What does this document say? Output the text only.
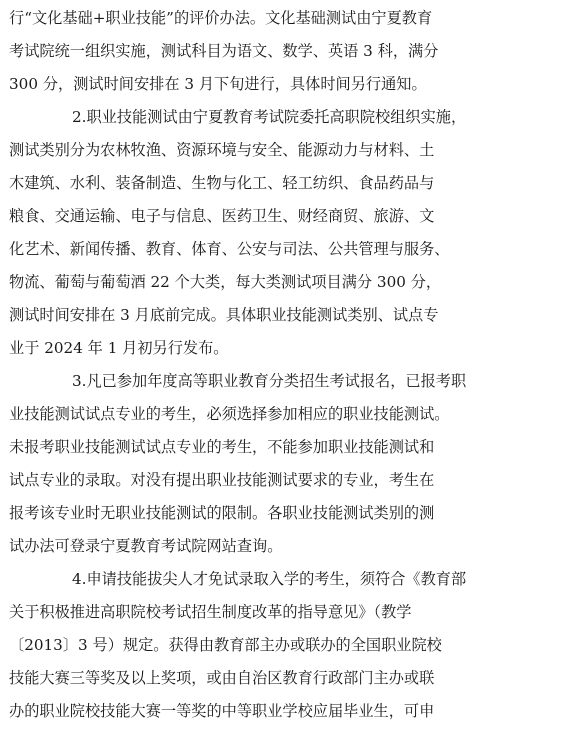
行“文化基础+职业技能”的评价办法。文化基础测试由宁夏教育
考试院统一组织实施，测试科目为语文、数学、英语 3 科，满分
300 分，测试时间安排在 3 月下旬进行，具体时间另行通知。
2.职业技能测试由宁夏教育考试院委托高职院校组织实施，
测试类别分为农林牧渔、资源环境与安全、能源动力与材料、土
木建筑、水利、装备制造、生物与化工、轻工纺织、食品药品与
粮食、交通运输、电子与信息、医药卫生、财经商贸、旅游、文
化艺术、新闻传播、教育、体育、公安与司法、公共管理与服务、
物流、葡萄与葡萄酒 22 个大类，每大类测试项目满分 300 分，
测试时间安排在 3 月底前完成。具体职业技能测试类别、试点专
业于 2024 年 1 月初另行发布。
3.凡已参加年度高等职业教育分类招生考试报名，已报考职
业技能测试试点专业的考生，必须选择参加相应的职业技能测试。
未报考职业技能测试试点专业的考生，不能参加职业技能测试和
试点专业的录取。对没有提出职业技能测试要求的专业，考生在
报考该专业时无职业技能测试的限制。各职业技能测试类别的测
试办法可登录宁夏教育考试院网站查询。
4.申请技能拔尖人才免试录取入学的考生，须符合《教育部
关于积极推进高职院校考试招生制度改革的指导意见》（教学
〔2013〕3 号）规定。获得由教育部主办或联办的全国职业院校
技能大赛三等奖及以上奖项，或由自治区教育行政部门主办或联
办的职业院校技能大赛一等奖的中等职业学校应届毕业生，可申
